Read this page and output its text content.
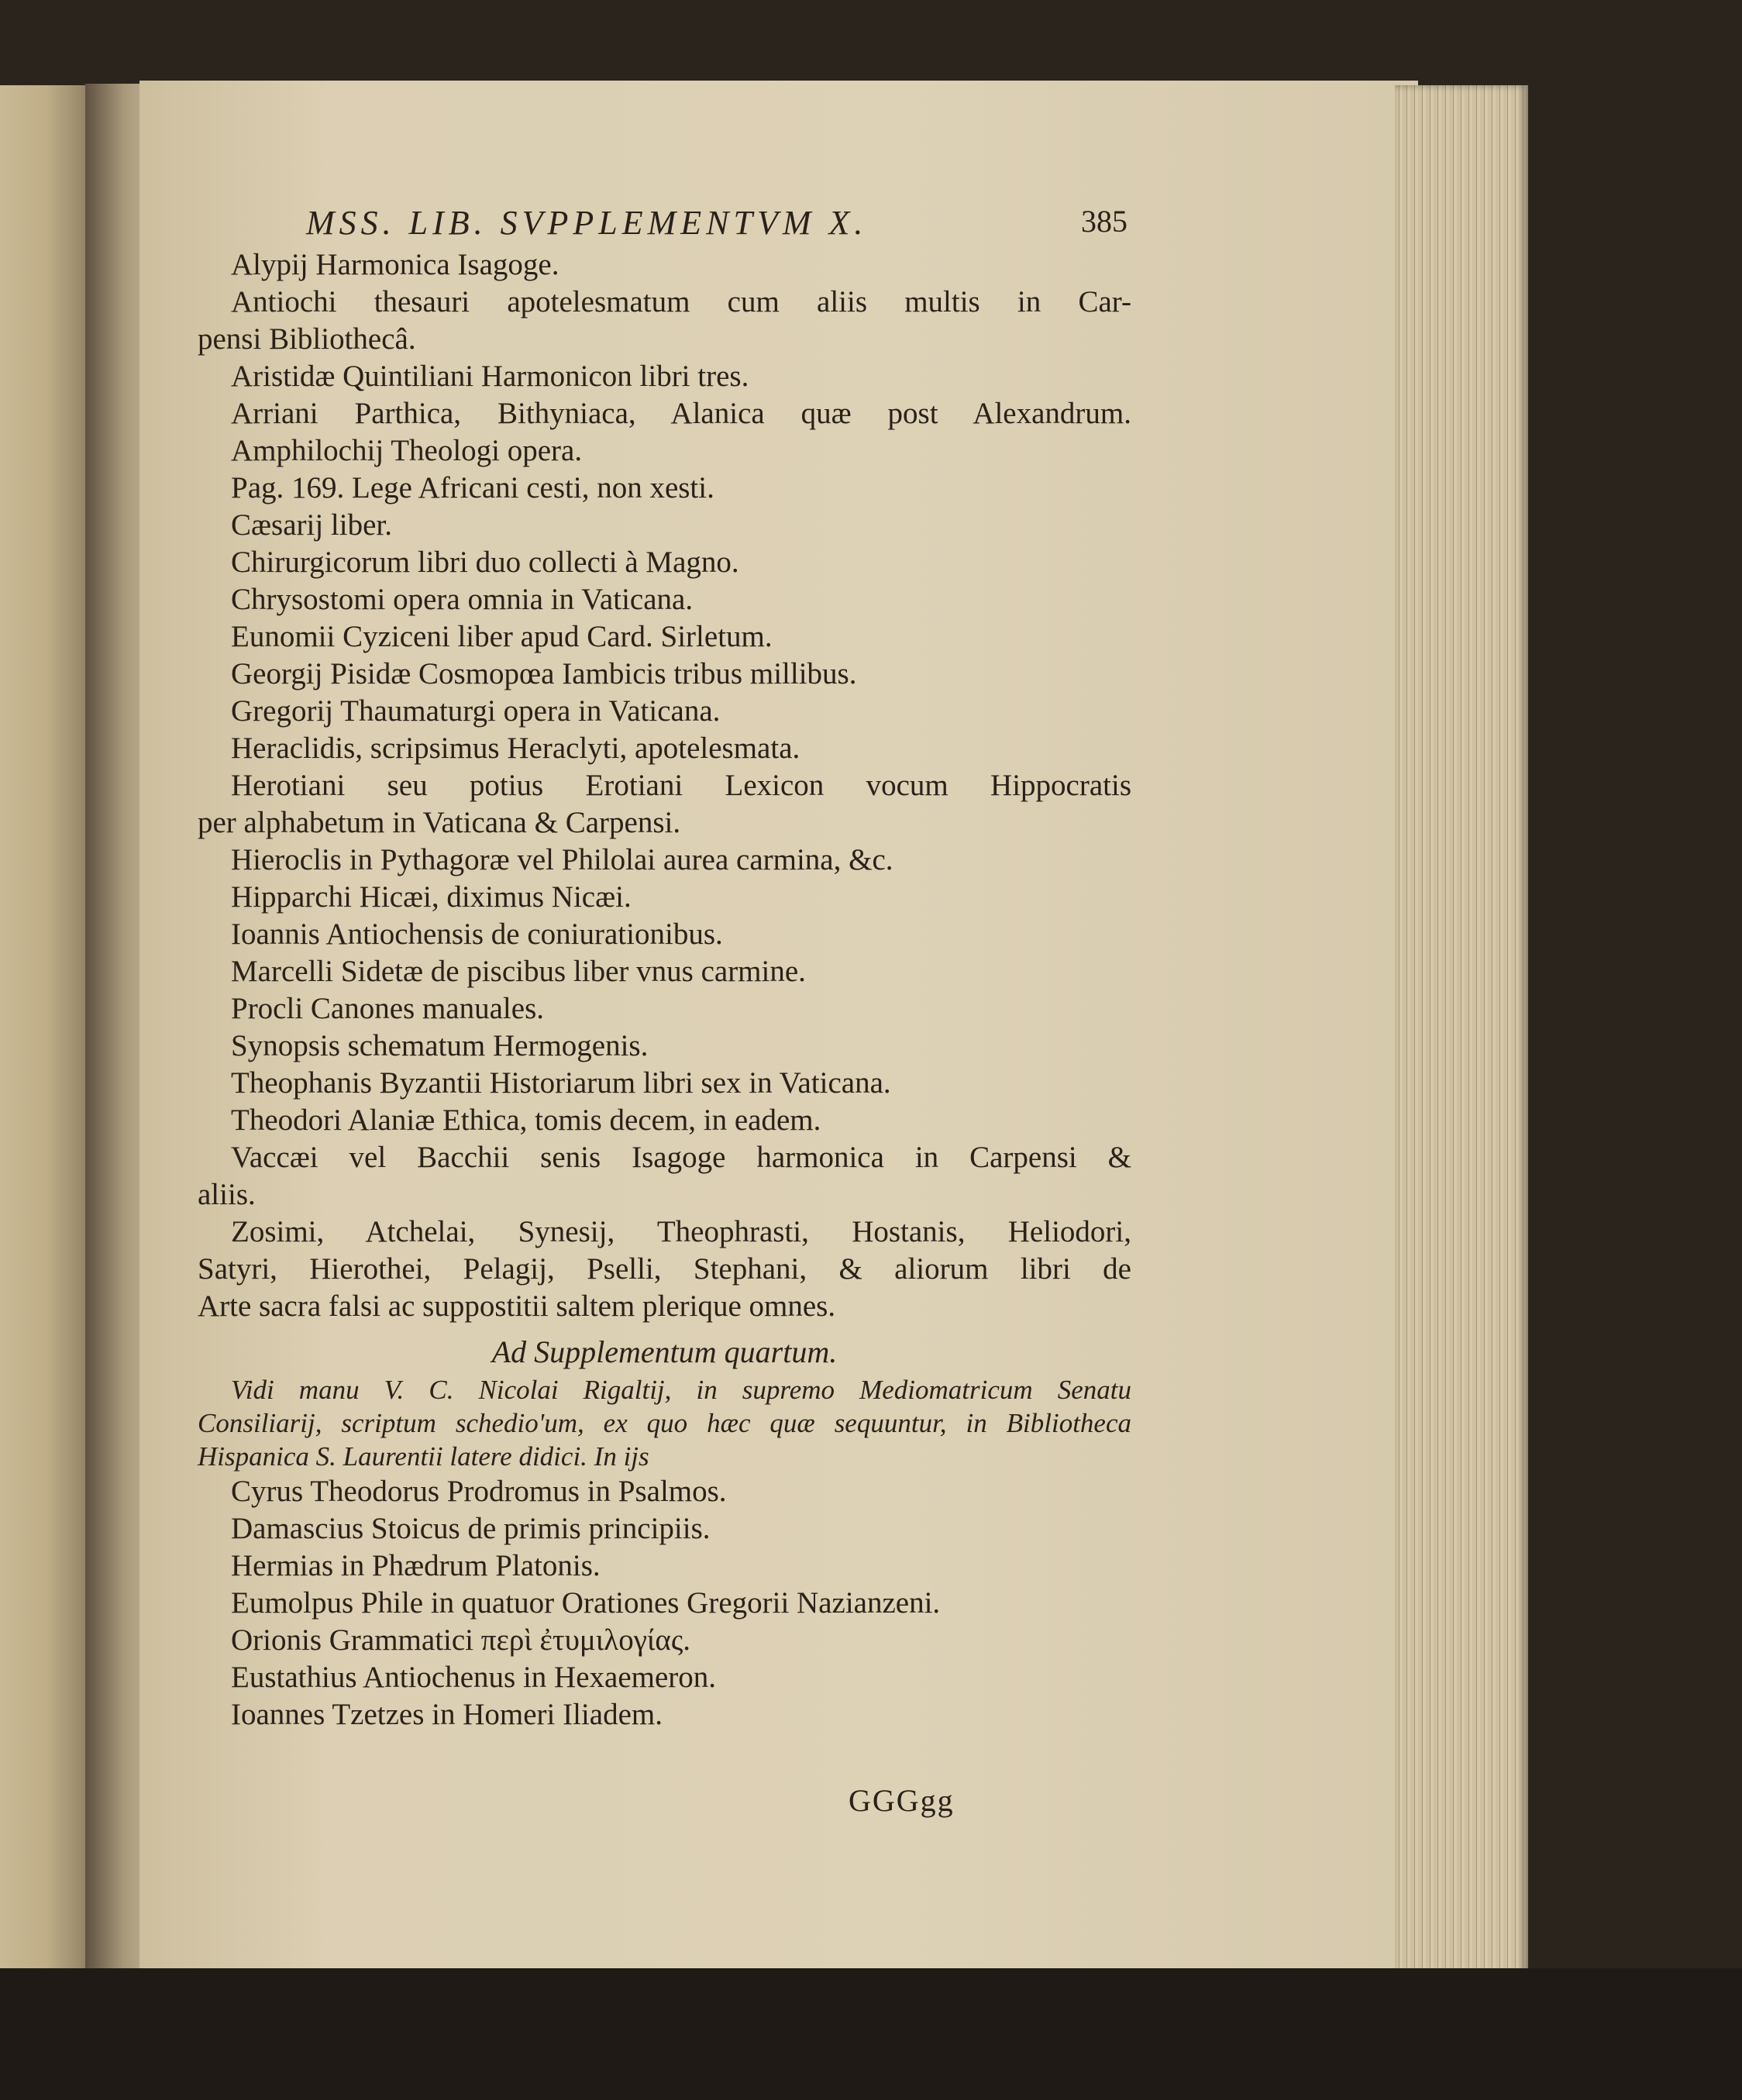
MSS. LIB. SVPPLEMENTVM X.	385
Alypij Harmonica Isagoge.
Antiochi thesauri apotelesmatum cum aliis multis in Car-
pensi Bibliothecâ.
Aristidæ Quintiliani Harmonicon libri tres.
Arriani Parthica, Bithyniaca, Alanica quæ post Alexandrum.
Amphilochij Theologi opera.
Pag. 169. Lege Africani cesti, non xesti.
Cæsarij liber.
Chirurgicorum libri duo collecti à Magno.
Chrysostomi opera omnia in Vaticana.
Eunomii Cyziceni liber apud Card. Sirletum.
Georgij Pisidæ Cosmopœa Iambicis tribus millibus.
Gregorij Thaumaturgi opera in Vaticana.
Heraclidis, scripsimus Heraclyti, apotelesmata.
Herotiani seu potius Erotiani Lexicon vocum Hippocratis
per alphabetum in Vaticana & Carpensi.
Hieroclis in Pythagoræ vel Philolai aurea carmina, &c.
Hipparchi Hicæi, diximus Nicæi.
Ioannis Antiochensis de coniurationibus.
Marcelli Sidetæ de piscibus liber vnus carmine.
Procli Canones manuales.
Synopsis schematum Hermogenis.
Theophanis Byzantii Historiarum libri sex in Vaticana.
Theodori Alaniæ Ethica, tomis decem, in eadem.
Vaccæi vel Bacchii senis Isagoge harmonica in Carpensi &
aliis.
Zosimi, Atchelai, Synesij, Theophrasti, Hostanis, Heliodori,
Satyri, Hierothei, Pelagij, Pselli, Stephani, & aliorum libri de
Arte sacra falsi ac suppostitii saltem plerique omnes.
Ad Supplementum quartum.
Vidi manu V. C. Nicolai Rigaltij, in supremo Mediomatricum Senatu
Consiliarij, scriptum schedio'um, ex quo hæc quæ sequuntur, in Bibliotheca
Hispanica S. Laurentii latere didici. In ijs
Cyrus Theodorus Prodromus in Psalmos.
Damascius Stoicus de primis principiis.
Hermias in Phædrum Platonis.
Eumolpus Phile in quatuor Orationes Gregorii Nazianzeni.
Orionis Grammatici περὶ ἐτυμιλογίας.
Eustathius Antiochenus in Hexaemeron.
Ioannes Tzetzes in Homeri Iliadem.
GGGgg
